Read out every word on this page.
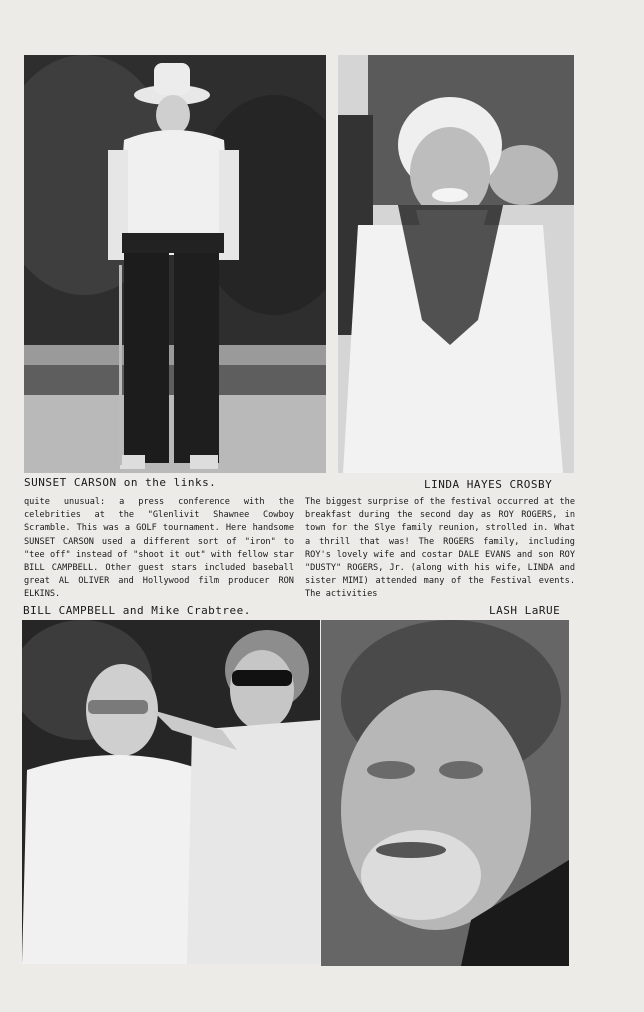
SUNSET CARSON on the links.	LINDA HAYES CROSBY

quite unusual: a press conference with the celebrities at the "Glenlivit Shawnee Cowboy Scramble. This was a GOLF tournament. Here handsome SUNSET CARSON used a different sort of "iron" to "tee off" instead of "shoot it out" with fellow star BILL CAMPBELL. Other guest stars included baseball great AL OLIVER and Hollywood film producer RON ELKINS.

The biggest surprise of the festival occurred at the breakfast during the second day as ROY ROGERS, in town for the Slye family reunion, strolled in. What a thrill that was! The ROGERS family, including ROY's lovely wife and costar DALE EVANS and son ROY "DUSTY" ROGERS, Jr. (along with his wife, LINDA and sister MIMI) attended many of the Festival events. The activities

BILL CAMPBELL and Mike Crabtree.	LASH LaRUE
